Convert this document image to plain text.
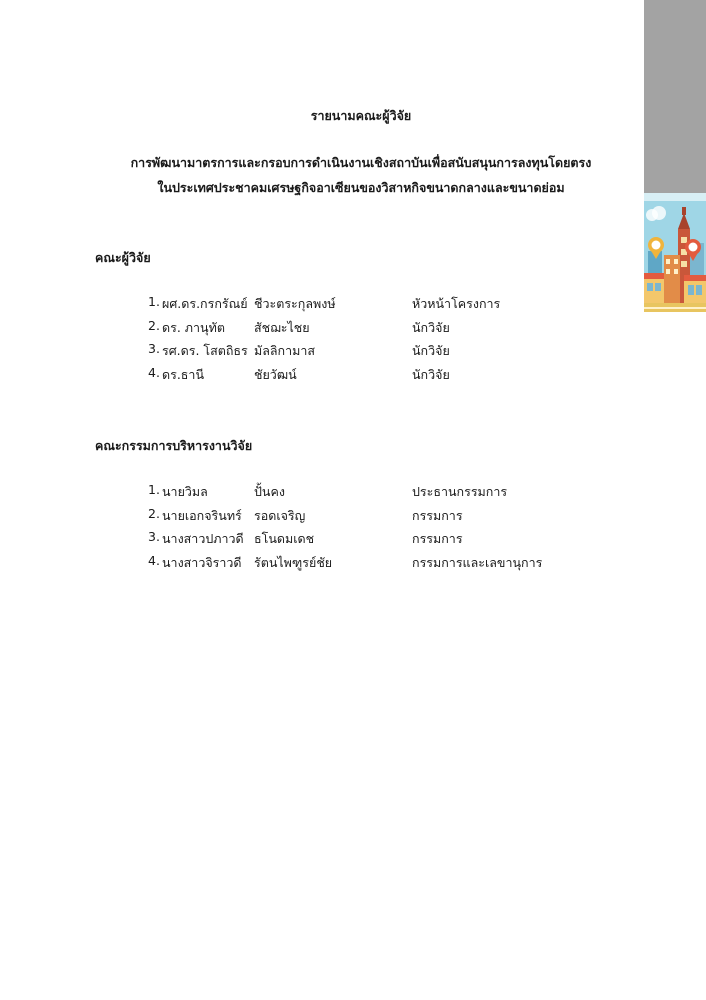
รายนามคณะผู้วิจัย

การพัฒนามาตรการและกรอบการดำเนินงานเชิงสถาบันเพื่อสนับสนุนการลงทุนโดยตรง

ในประเทศประชาคมเศรษฐกิจอาเซียนของวิสาหกิจขนาดกลางและขนาดย่อม

คณะผู้วิจัย
1. ผศ.ดร.กรกรัณย์ ชีวะตระกุลพงษ์	หัวหน้าโครงการ
2. ดร. ภานุทัต สัชฌะไชย	นักวิจัย
3. รศ.ดร. โสตถิธร มัลลิกามาส	นักวิจัย
4. ดร.ธานี	ชัยวัฒน์	นักวิจัย
คณะกรรมการบริหารงานวิจัย
1. นายวิมล	ปั้นคง	ประธานกรรมการ
2. นายเอกจรินทร์ รอดเจริญ	กรรมการ
3. นางสาวปภาวดี ธโนดมเดช	กรรมการ
4. นางสาวจิราวดี รัตนไพฑูรย์ชัย	กรรมการและเลขานุการ
